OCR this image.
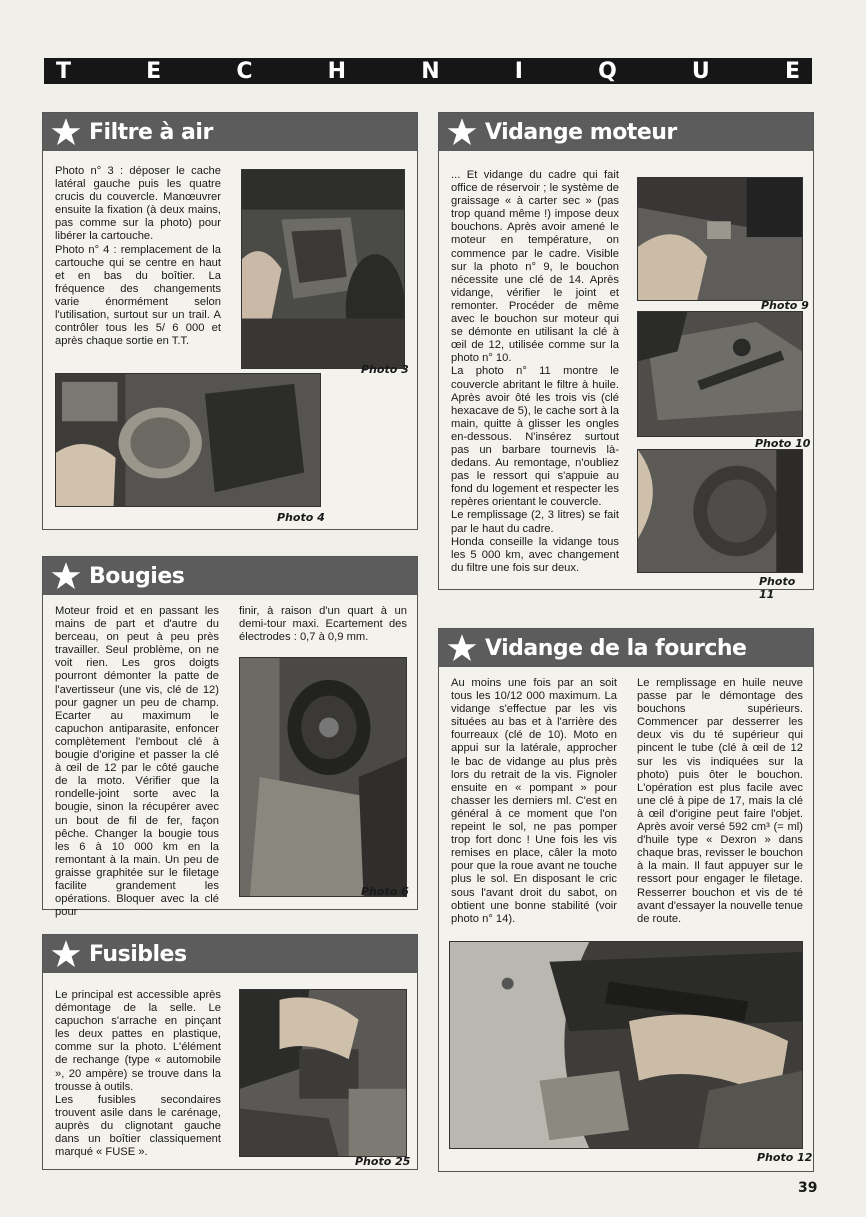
T	E	C	H	N	I	Q	U	E
Filtre à air

Photo n° 3 : déposer le cache latéral gauche puis les quatre crucis du couvercle. Manœuvrer ensuite la fixation (à deux mains, pas comme sur la photo) pour libérer la cartouche.

Photo n° 4 : remplacement de la cartouche qui se centre en haut et en bas du boîtier. La fréquence des changements varie énormément selon l'utilisation, surtout sur un trail. A contrôler tous les 5/ 6 000 et après chaque sortie en T.T.

Photo 3
Photo 4
Bougies
Moteur froid et en passant les mains de part et d'autre du berceau, on peut à peu près travailler. Seul problème, on ne voit rien. Les gros doigts pourront démonter la patte de l'avertisseur (une vis, clé de 12) pour gagner un peu de champ. Ecarter au maximum le capuchon antiparasite, enfoncer complètement l'embout clé à bougie d'origine et passer la clé à œil de 12 par le côté gauche de la moto. Vérifier que la rondelle-joint sorte avec la bougie, sinon la récupérer avec un bout de fil de fer, façon pêche. Changer la bougie tous les 6 à 10 000 km en la remontant à la main. Un peu de graisse graphitée sur le filetage facilite grandement les opérations. Bloquer avec la clé pour
finir, à raison d'un quart à un demi-tour maxi. Ecartement des électrodes : 0,7 à 0,9 mm.
Photo 6
Fusibles

Le principal est accessible après démontage de la selle. Le capuchon s'arrache en pinçant les deux pattes en plastique, comme sur la photo. L'élément de rechange (type « automobile », 20 ampère) se trouve dans la trousse à outils.

Les fusibles secondaires trouvent asile dans le carénage, auprès du clignotant gauche dans un boîtier classiquement marqué « FUSE ».

Photo 25
Vidange moteur

... Et vidange du cadre qui fait office de réservoir ; le système de graissage « à carter sec » (pas trop quand même !) impose deux bouchons. Après avoir amené le moteur en température, on commence par le cadre. Visible sur la photo n° 9, le bouchon nécessite une clé de 14. Après vidange, vérifier le joint et remonter. Procéder de même avec le bouchon sur moteur qui se démonte en utilisant la clé à œil de 12, utilisée comme sur la photo n° 10.

La photo n° 11 montre le couvercle abritant le filtre à huile. Après avoir ôté les trois vis (clé hexacave de 5), le cache sort à la main, quitte à glisser les ongles en-dessous. N'insérez surtout pas un barbare tournevis là-dedans. Au remontage, n'oubliez pas le ressort qui s'appuie au fond du logement et respecter les repères orientant le couvercle.

Le remplissage (2, 3 litres) se fait par le haut du cadre.

Honda conseille la vidange tous les 5 000 km, avec changement du filtre une fois sur deux.

Photo 9
Photo 10
Photo 11
Vidange de la fourche
Au moins une fois par an soit tous les 10/12 000 maximum. La vidange s'effectue par les vis situées au bas et à l'arrière des fourreaux (clé de 10). Moto en appui sur la latérale, approcher le bac de vidange au plus près lors du retrait de la vis. Fignoler ensuite en « pompant » pour chasser les derniers ml. C'est en général à ce moment que l'on repeint le sol, ne pas pomper trop fort donc ! Une fois les vis remises en place, câler la moto pour que la roue avant ne touche plus le sol. En disposant le cric sous l'avant droit du sabot, on obtient une bonne stabilité (voir photo n° 14).
Le remplissage en huile neuve passe par le démontage des bouchons supérieurs. Commencer par desserrer les deux vis du té supérieur qui pincent le tube (clé à œil de 12 sur les vis indiquées sur la photo) puis ôter le bouchon. L'opération est plus facile avec une clé à pipe de 17, mais la clé à œil d'origine peut faire l'objet. Après avoir versé 592 cm³ (= ml) d'huile type « Dexron » dans chaque bras, revisser le bouchon à la main. Il faut appuyer sur le ressort pour engager le filetage. Resserrer bouchon et vis de té avant d'essayer la nouvelle tenue de route.
Photo 12
39
